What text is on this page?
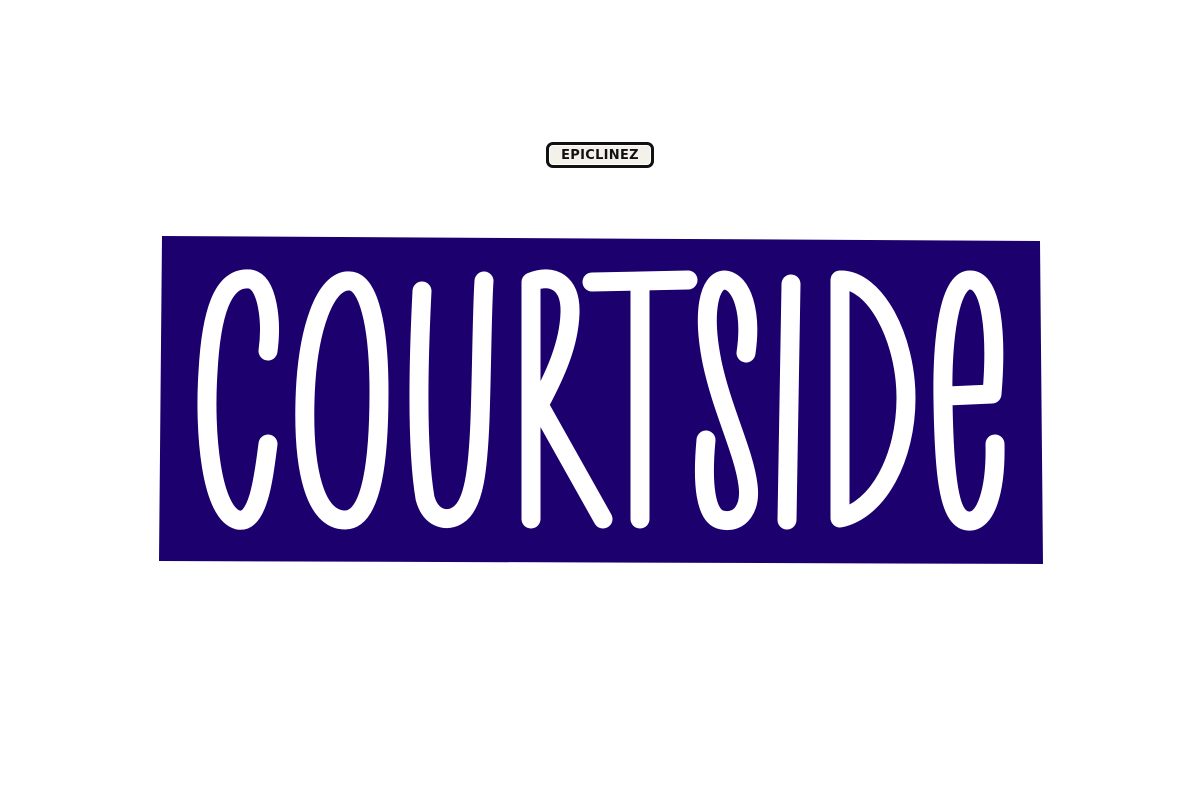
EPICLINEZ
